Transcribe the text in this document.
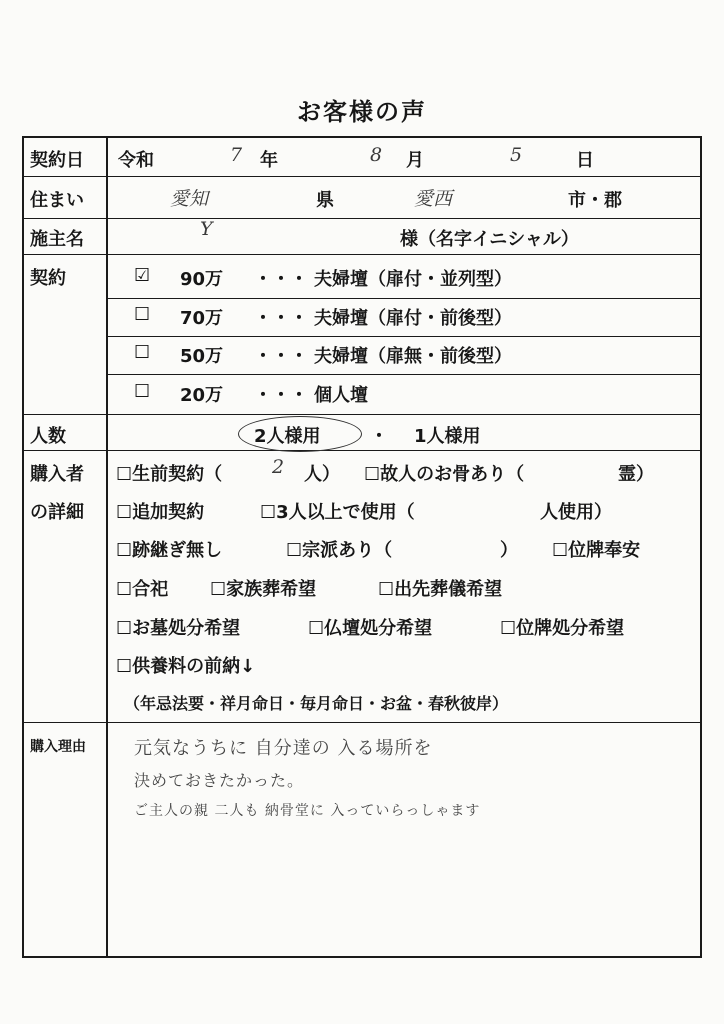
お客様の声
契約日 令和	7 年	8 月	5	日
住まい	愛知	県	愛西	市・郡
施主名	Y	様（名字イニシャル）
契約	☑ 90万 ・・・ 夫婦壇（扉付・並列型）
☐ 70万 ・・・ 夫婦壇（扉付・前後型）
☐ 50万 ・・・ 夫婦壇（扉無・前後型）
☐ 20万 ・・・ 個人壇
人数	2人様用	・ 1人様用
購入者
の詳細
☐生前契約（	2 人） ☐故人のお骨あり（	霊）
☐追加契約	☐3人以上で使用（	人使用）
☐跡継ぎ無し	☐宗派あり（	） ☐位牌奉安
☐合祀 ☐家族葬希望	☐出先葬儀希望
☐お墓処分希望	☐仏壇処分希望	☐位牌処分希望
☐供養料の前納↓
（年忌法要・祥月命日・毎月命日・お盆・春秋彼岸）
購入理由	元気なうちに 自分達の 入る場所を
決めておきたかった。
ご主人の親 二人も 納骨堂に 入っていらっしゃます
